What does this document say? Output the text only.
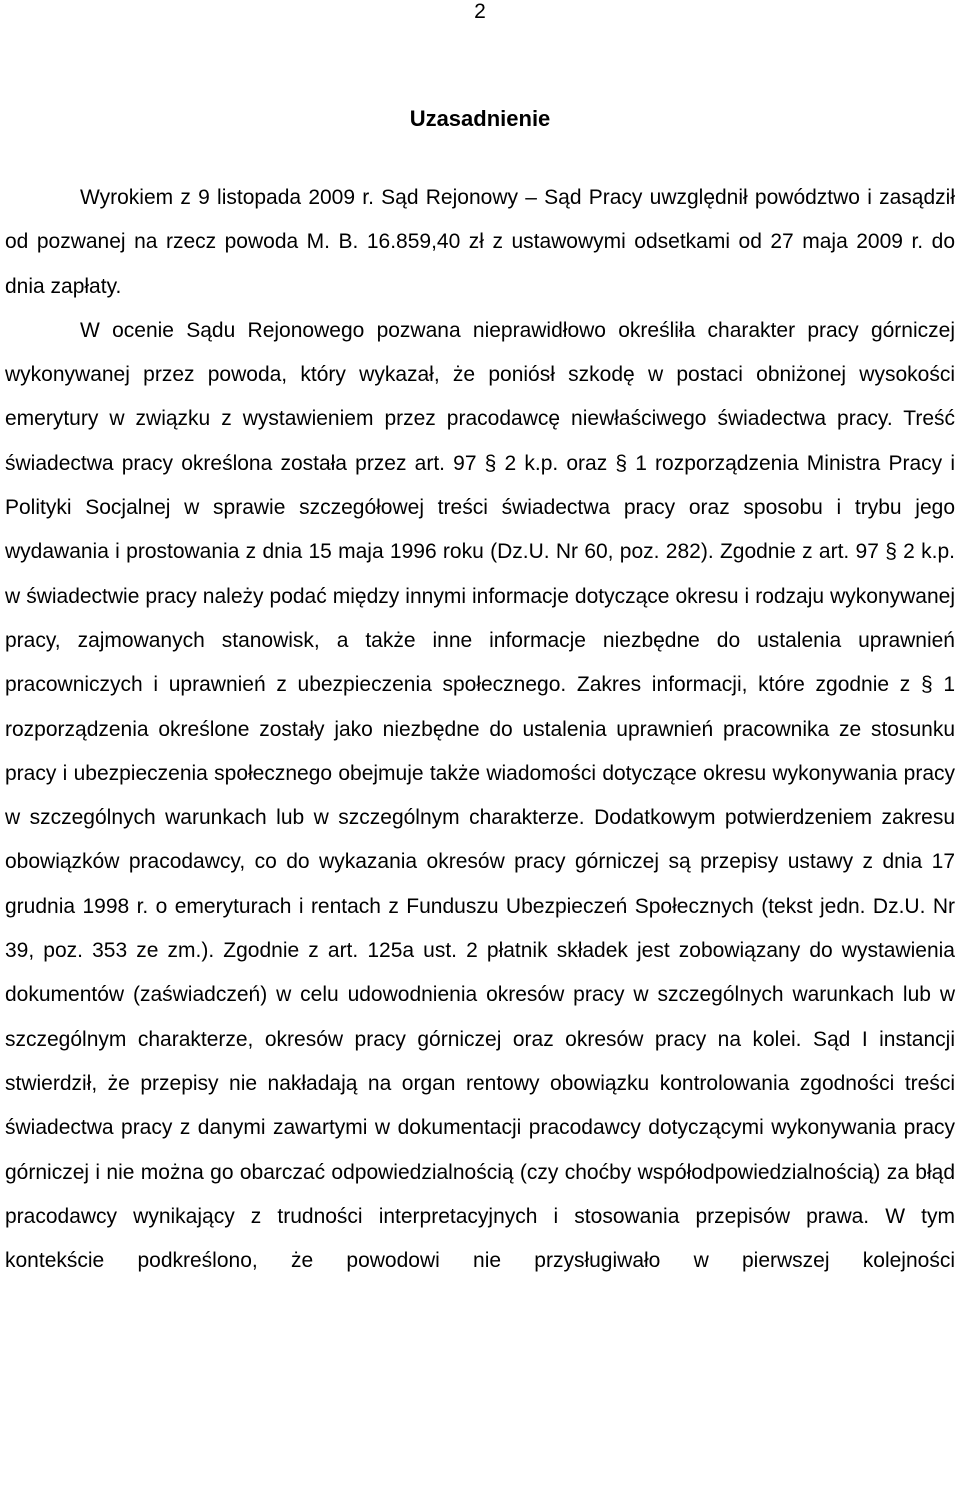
2
Uzasadnienie

Wyrokiem z 9 listopada 2009 r. Sąd Rejonowy – Sąd Pracy uwzględnił powództwo i zasądził od pozwanej na rzecz powoda M. B. 16.859,40 zł z ustawowymi odsetkami od 27 maja 2009 r. do dnia zapłaty.

W ocenie Sądu Rejonowego pozwana nieprawidłowo określiła charakter pracy górniczej wykonywanej przez powoda, który wykazał, że poniósł szkodę w postaci obniżonej wysokości emerytury w związku z wystawieniem przez pracodawcę niewłaściwego świadectwa pracy. Treść świadectwa pracy określona została przez art. 97 § 2 k.p. oraz § 1 rozporządzenia Ministra Pracy i Polityki Socjalnej w sprawie szczegółowej treści świadectwa pracy oraz sposobu i trybu jego wydawania i prostowania z dnia 15 maja 1996 roku (Dz.U. Nr 60, poz. 282). Zgodnie z art. 97 § 2 k.p. w świadectwie pracy należy podać między innymi informacje dotyczące okresu i rodzaju wykonywanej pracy, zajmowanych stanowisk, a także inne informacje niezbędne do ustalenia uprawnień pracowniczych i uprawnień z ubezpieczenia społecznego. Zakres informacji, które zgodnie z § 1 rozporządzenia określone zostały jako niezbędne do ustalenia uprawnień pracownika ze stosunku pracy i ubezpieczenia społecznego obejmuje także wiadomości dotyczące okresu wykonywania pracy w szczególnych warunkach lub w szczególnym charakterze. Dodatkowym potwierdzeniem zakresu obowiązków pracodawcy, co do wykazania okresów pracy górniczej są przepisy ustawy z dnia 17 grudnia 1998 r. o emeryturach i rentach z Funduszu Ubezpieczeń Społecznych (tekst jedn. Dz.U. Nr 39, poz. 353 ze zm.). Zgodnie z art. 125a ust. 2 płatnik składek jest zobowiązany do wystawienia dokumentów (zaświadczeń) w celu udowodnienia okresów pracy w szczególnych warunkach lub w szczególnym charakterze, okresów pracy górniczej oraz okresów pracy na kolei. Sąd I instancji stwierdził, że przepisy nie nakładają na organ rentowy obowiązku kontrolowania zgodności treści świadectwa pracy z danymi zawartymi w dokumentacji pracodawcy dotyczącymi wykonywania pracy górniczej i nie można go obarczać odpowiedzialnością (czy choćby współodpowiedzialnością) za błąd pracodawcy wynikający z trudności interpretacyjnych i stosowania przepisów prawa. W tym kontekście podkreślono, że powodowi nie przysługiwało w pierwszej kolejności
